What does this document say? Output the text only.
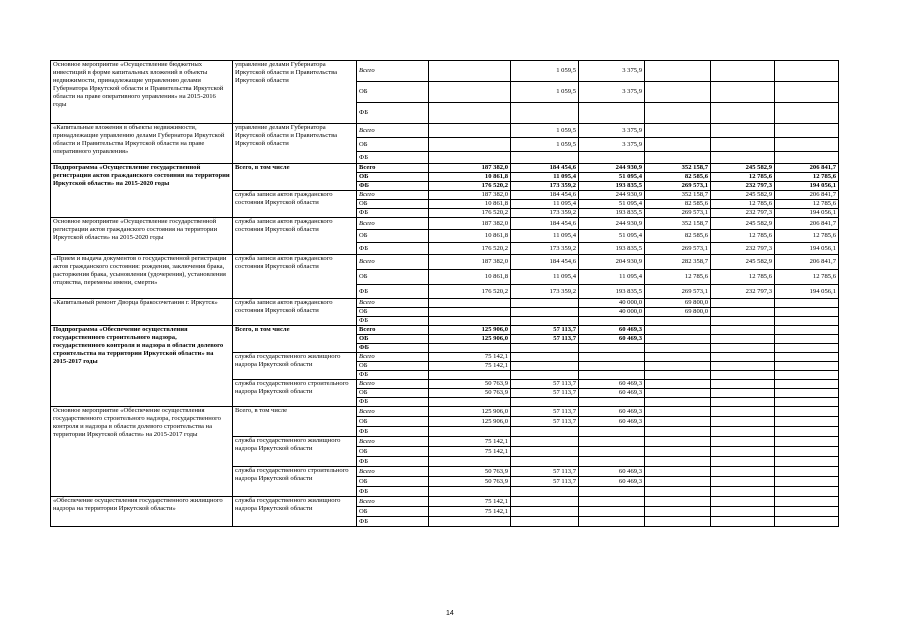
Основное мероприятие «Осуществление бюджетных инвестиций в форме капитальных вложений в объекты недвижимости, принадлежащие управлению делами Губернатора Иркутской области и Правительства Иркутской области на праве оперативного управления» на 2015-2016 годы	управление делами Губернатора Иркутской области и Правительства Иркутской области	Всего		1 059,5	3 375,9				
		ОБ		1 059,5	3 375,9				
		ФБ							
«Капитальные вложения в объекты недвижимости, принадлежащие управлению делами Губернатора Иркутской области и Правительства Иркутской области на праве оперативного управления»	управление делами Губернатора Иркутской области и Правительства Иркутской области	Всего		1 059,5	3 375,9				
		ОБ		1 059,5	3 375,9				
		ФБ							
Подпрограмма «Осуществление государственной регистрации актов гражданского состояния на территории Иркутской области» на 2015-2020 годы	Всего, в том числе	Всего	187 382,0	184 454,6	244 930,9	352 158,7	245 582,9	206 841,7	
		ОБ	10 861,8	11 095,4	51 095,4	82 585,6	12 785,6	12 785,6	
		ФБ	176 520,2	173 359,2	193 835,5	269 573,1	232 797,3	194 056,1	
	служба записи актов гражданского состояния Иркутской области	Всего	187 382,0	184 454,6	244 930,9	352 158,7	245 582,9	206 841,7	
		ОБ	10 861,8	11 095,4	51 095,4	82 585,6	12 785,6	12 785,6	
		ФБ	176 520,2	173 359,2	193 835,5	269 573,1	232 797,3	194 056,1	
Основное мероприятие «Осуществление государственной регистрации актов гражданского состояния на территории Иркутской области» на 2015-2020 годы	служба записи актов гражданского состояния Иркутской области	Всего	187 382,0	184 454,6	244 930,9	352 158,7	245 582,9	206 841,7	
		ОБ	10 861,8	11 095,4	51 095,4	82 585,6	12 785,6	12 785,6	
		ФБ	176 520,2	173 359,2	193 835,5	269 573,1	232 797,3	194 056,1	
«Прием и выдача документов о государственной регистрации актов гражданского состояния: рождения, заключения брака, расторжения брака, усыновления (удочерения), установления отцовства, перемены имени, смерти»	служба записи актов гражданского состояния Иркутской области	Всего	187 382,0	184 454,6	204 930,9	282 358,7	245 582,9	206 841,7	
		ОБ	10 861,8	11 095,4	11 095,4	12 785,6	12 785,6	12 785,6	
		ФБ	176 520,2	173 359,2	193 835,5	269 573,1	232 797,3	194 056,1	
«Капитальный ремонт Дворца бракосочетания г. Иркутск»	служба записи актов гражданского состояния Иркутской области	Всего			40 000,0	69 800,0			
		ОБ			40 000,0	69 800,0			
		ФБ							
Подпрограмма «Обеспечение осуществления государственного строительного надзора, государственного контроля и надзора в области долевого строительства на территории Иркутской области» на 2015-2017 годы	Всего, в том числе	Всего	125 906,0	57 113,7	60 469,3				
		ОБ	125 906,0	57 113,7	60 469,3				
		ФБ							
	служба государственного жилищного надзора Иркутской области	Всего	75 142,1						
		ОБ	75 142,1						
		ФБ							
	служба государственного строительного надзора Иркутской области	Всего	50 763,9	57 113,7	60 469,3				
		ОБ	50 763,9	57 113,7	60 469,3				
		ФБ							
Основное мероприятие «Обеспечение осуществления государственного строительного надзора, государственного контроля и надзора в области долевого строительства на территории Иркутской области» на 2015-2017 годы	Всего, в том числе	Всего	125 906,0	57 113,7	60 469,3				
		ОБ	125 906,0	57 113,7	60 469,3				
		ФБ							
	служба государственного жилищного надзора Иркутской области	Всего	75 142,1						
		ОБ	75 142,1						
		ФБ							
	служба государственного строительного надзора Иркутской области	Всего	50 763,9	57 113,7	60 469,3				
		ОБ	50 763,9	57 113,7	60 469,3				
		ФБ							
«Обеспечение осуществления государственного жилищного надзора на территории Иркутской области»	служба государственного жилищного надзора Иркутской области	Всего	75 142,1						
		ОБ	75 142,1						
		ФБ							
14
